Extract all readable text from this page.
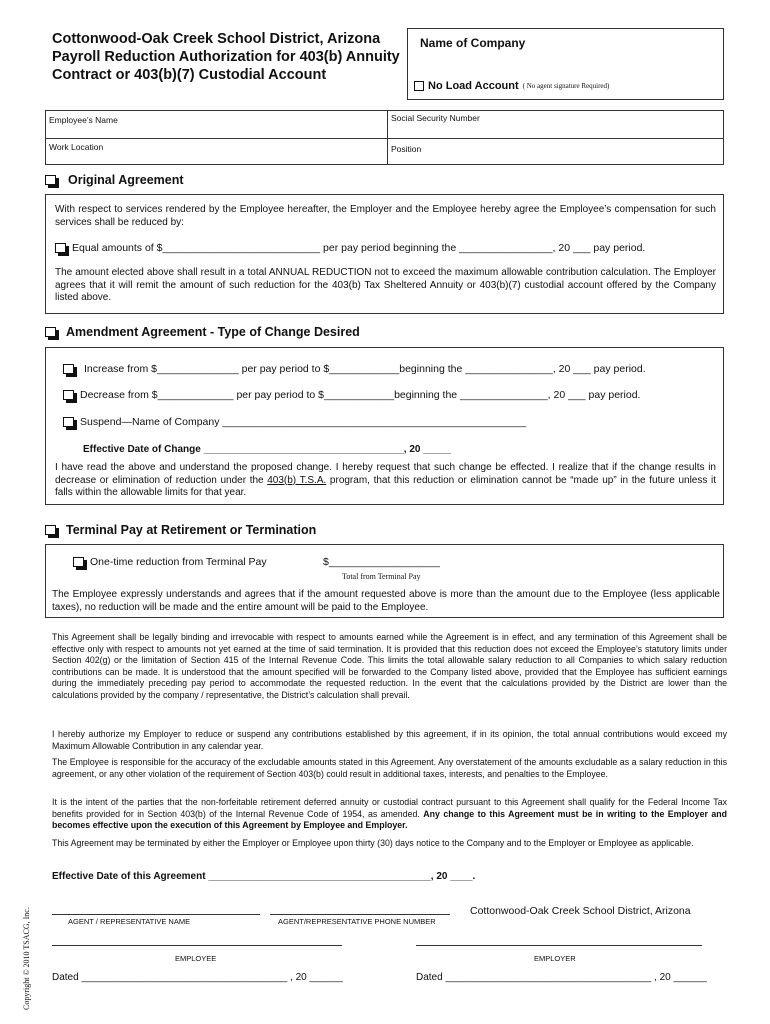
Cottonwood-Oak Creek School District, Arizona Payroll Reduction Authorization for 403(b) Annuity Contract or 403(b)(7) Custodial Account
Name of Company
No Load Account ( No agent signature Required)
Employee’s Name	Social Security Number
Work Location	Position
Original Agreement
With respect to services rendered by the Employee hereafter, the Employer and the Employee hereby agree the Employee’s compensation for such services shall be reduced by:
Equal amounts of $___________________________ per pay period beginning the ________________, 20 ___ pay period.
The amount elected above shall result in a total ANNUAL REDUCTION not to exceed the maximum allowable contribution calculation. The Employer agrees that it will remit the amount of such reduction for the 403(b) Tax Sheltered Annuity or 403(b)(7) custodial account offered by the Company listed above.
Amendment Agreement - Type of Change Desired
Increase from $______________ per pay period to $____________beginning the _______________, 20 ___ pay period.
Decrease from $_____________ per pay period to $____________beginning the _______________, 20 ___ pay period.
Suspend—Name of Company ____________________________________________________
Effective Date of Change ____________________________________, 20 _____
I have read the above and understand the proposed change. I hereby request that such change be effected. I realize that if the change results in decrease or elimination of reduction under the 403(b) T.S.A. program, that this reduction or elimination cannot be “made up” in the future unless it falls within the allowable limits for that year.
Terminal Pay at Retirement or Termination
One-time reduction from Terminal Pay	$___________________
Total from Terminal Pay
The Employee expressly understands and agrees that if the amount requested above is more than the amount due to the Employee (less applicable taxes), no reduction will be made and the entire amount will be paid to the Employee.
This Agreement shall be legally binding and irrevocable with respect to amounts earned while the Agreement is in effect, and any termination of this Agreement shall be effective only with respect to amounts not yet earned at the time of said termination. It is provided that this reduction does not exceed the Employee’s statutory limits under Section 402(g) or the limitation of Section 415 of the Internal Revenue Code. This limits the total allowable salary reduction to all Companies to which salary reduction contributions can be made. It is understood that the amount specified will be forwarded to the Company listed above, provided that the Employee has sufficient earnings during the immediately preceding pay period to accommodate the requested reduction. In the event that the calculations provided by the District are lower than the calculations provided by the company / representative, the District’s calculation shall prevail.
I hereby authorize my Employer to reduce or suspend any contributions established by this agreement, if in its opinion, the total annual contributions would exceed my Maximum Allowable Contribution in any calendar year.
The Employee is responsible for the accuracy of the excludable amounts stated in this Agreement. Any overstatement of the amounts excludable as a salary reduction in this agreement, or any other violation of the requirement of Section 403(b) could result in additional taxes, interests, and penalties to the Employee.
It is the intent of the parties that the non-forfeitable retirement deferred annuity or custodial contract pursuant to this Agreement shall qualify for the Federal Income Tax benefits provided for in Section 403(b) of the Internal Revenue Code of 1954, as amended. Any change to this Agreement must be in writing to the Employer and becomes effective upon the execution of this Agreement by Employee and Employer.
This Agreement may be terminated by either the Employer or Employee upon thirty (30) days notice to the Company and to the Employer or Employee as applicable.
Effective Date of this Agreement ________________________________________, 20 ____.
AGENT / REPRESENTATIVE NAME	AGENT/REPRESENTATIVE PHONE NUMBER
Cottonwood-Oak Creek School District, Arizona
EMPLOYEE	EMPLOYER
Dated _____________________________________ , 20 ______	Dated _____________________________________ , 20 ______
Copyright © 2010 TSACG, Inc.
